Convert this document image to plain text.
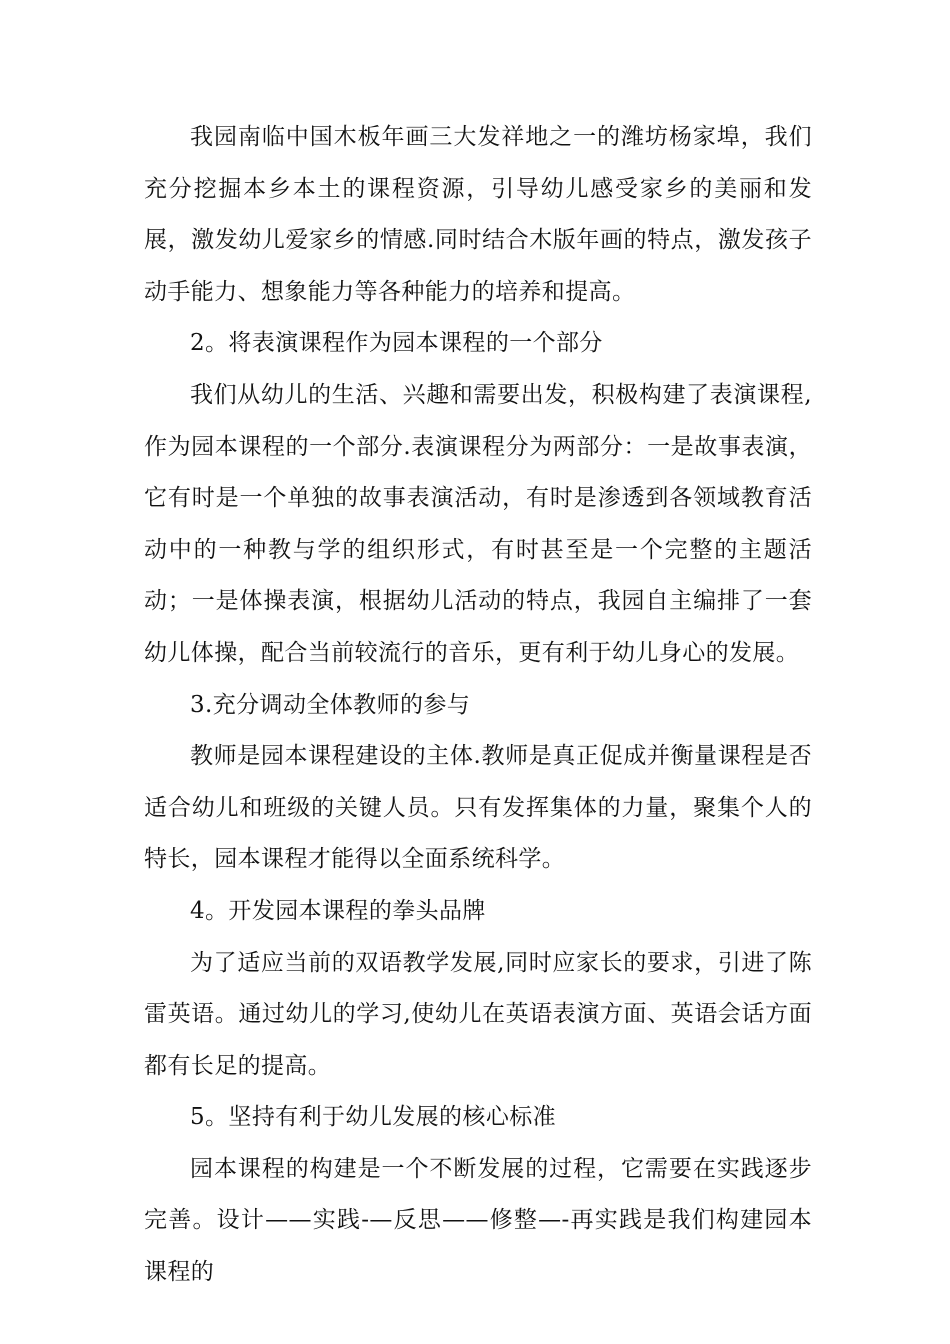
我园南临中国木板年画三大发祥地之一的潍坊杨家埠，我们充分挖掘本乡本土的课程资源，引导幼儿感受家乡的美丽和发展，激发幼儿爱家乡的情感.同时结合木版年画的特点，激发孩子动手能力、想象能力等各种能力的培养和提高。

2。将表演课程作为园本课程的一个部分

我们从幼儿的生活、兴趣和需要出发，积极构建了表演课程,作为园本课程的一个部分.表演课程分为两部分：一是故事表演，它有时是一个单独的故事表演活动，有时是渗透到各领域教育活动中的一种教与学的组织形式，有时甚至是一个完整的主题活动；一是体操表演，根据幼儿活动的特点，我园自主编排了一套幼儿体操，配合当前较流行的音乐，更有利于幼儿身心的发展。

3.充分调动全体教师的参与

教师是园本课程建设的主体.教师是真正促成并衡量课程是否适合幼儿和班级的关键人员。只有发挥集体的力量，聚集个人的特长，园本课程才能得以全面系统科学。

4。开发园本课程的拳头品牌

为了适应当前的双语教学发展,同时应家长的要求，引进了陈雷英语。通过幼儿的学习,使幼儿在英语表演方面、英语会话方面都有长足的提高。

5。坚持有利于幼儿发展的核心标准

园本课程的构建是一个不断发展的过程，它需要在实践逐步完善。设计——实践-—反思——修整—-再实践是我们构建园本课程的
